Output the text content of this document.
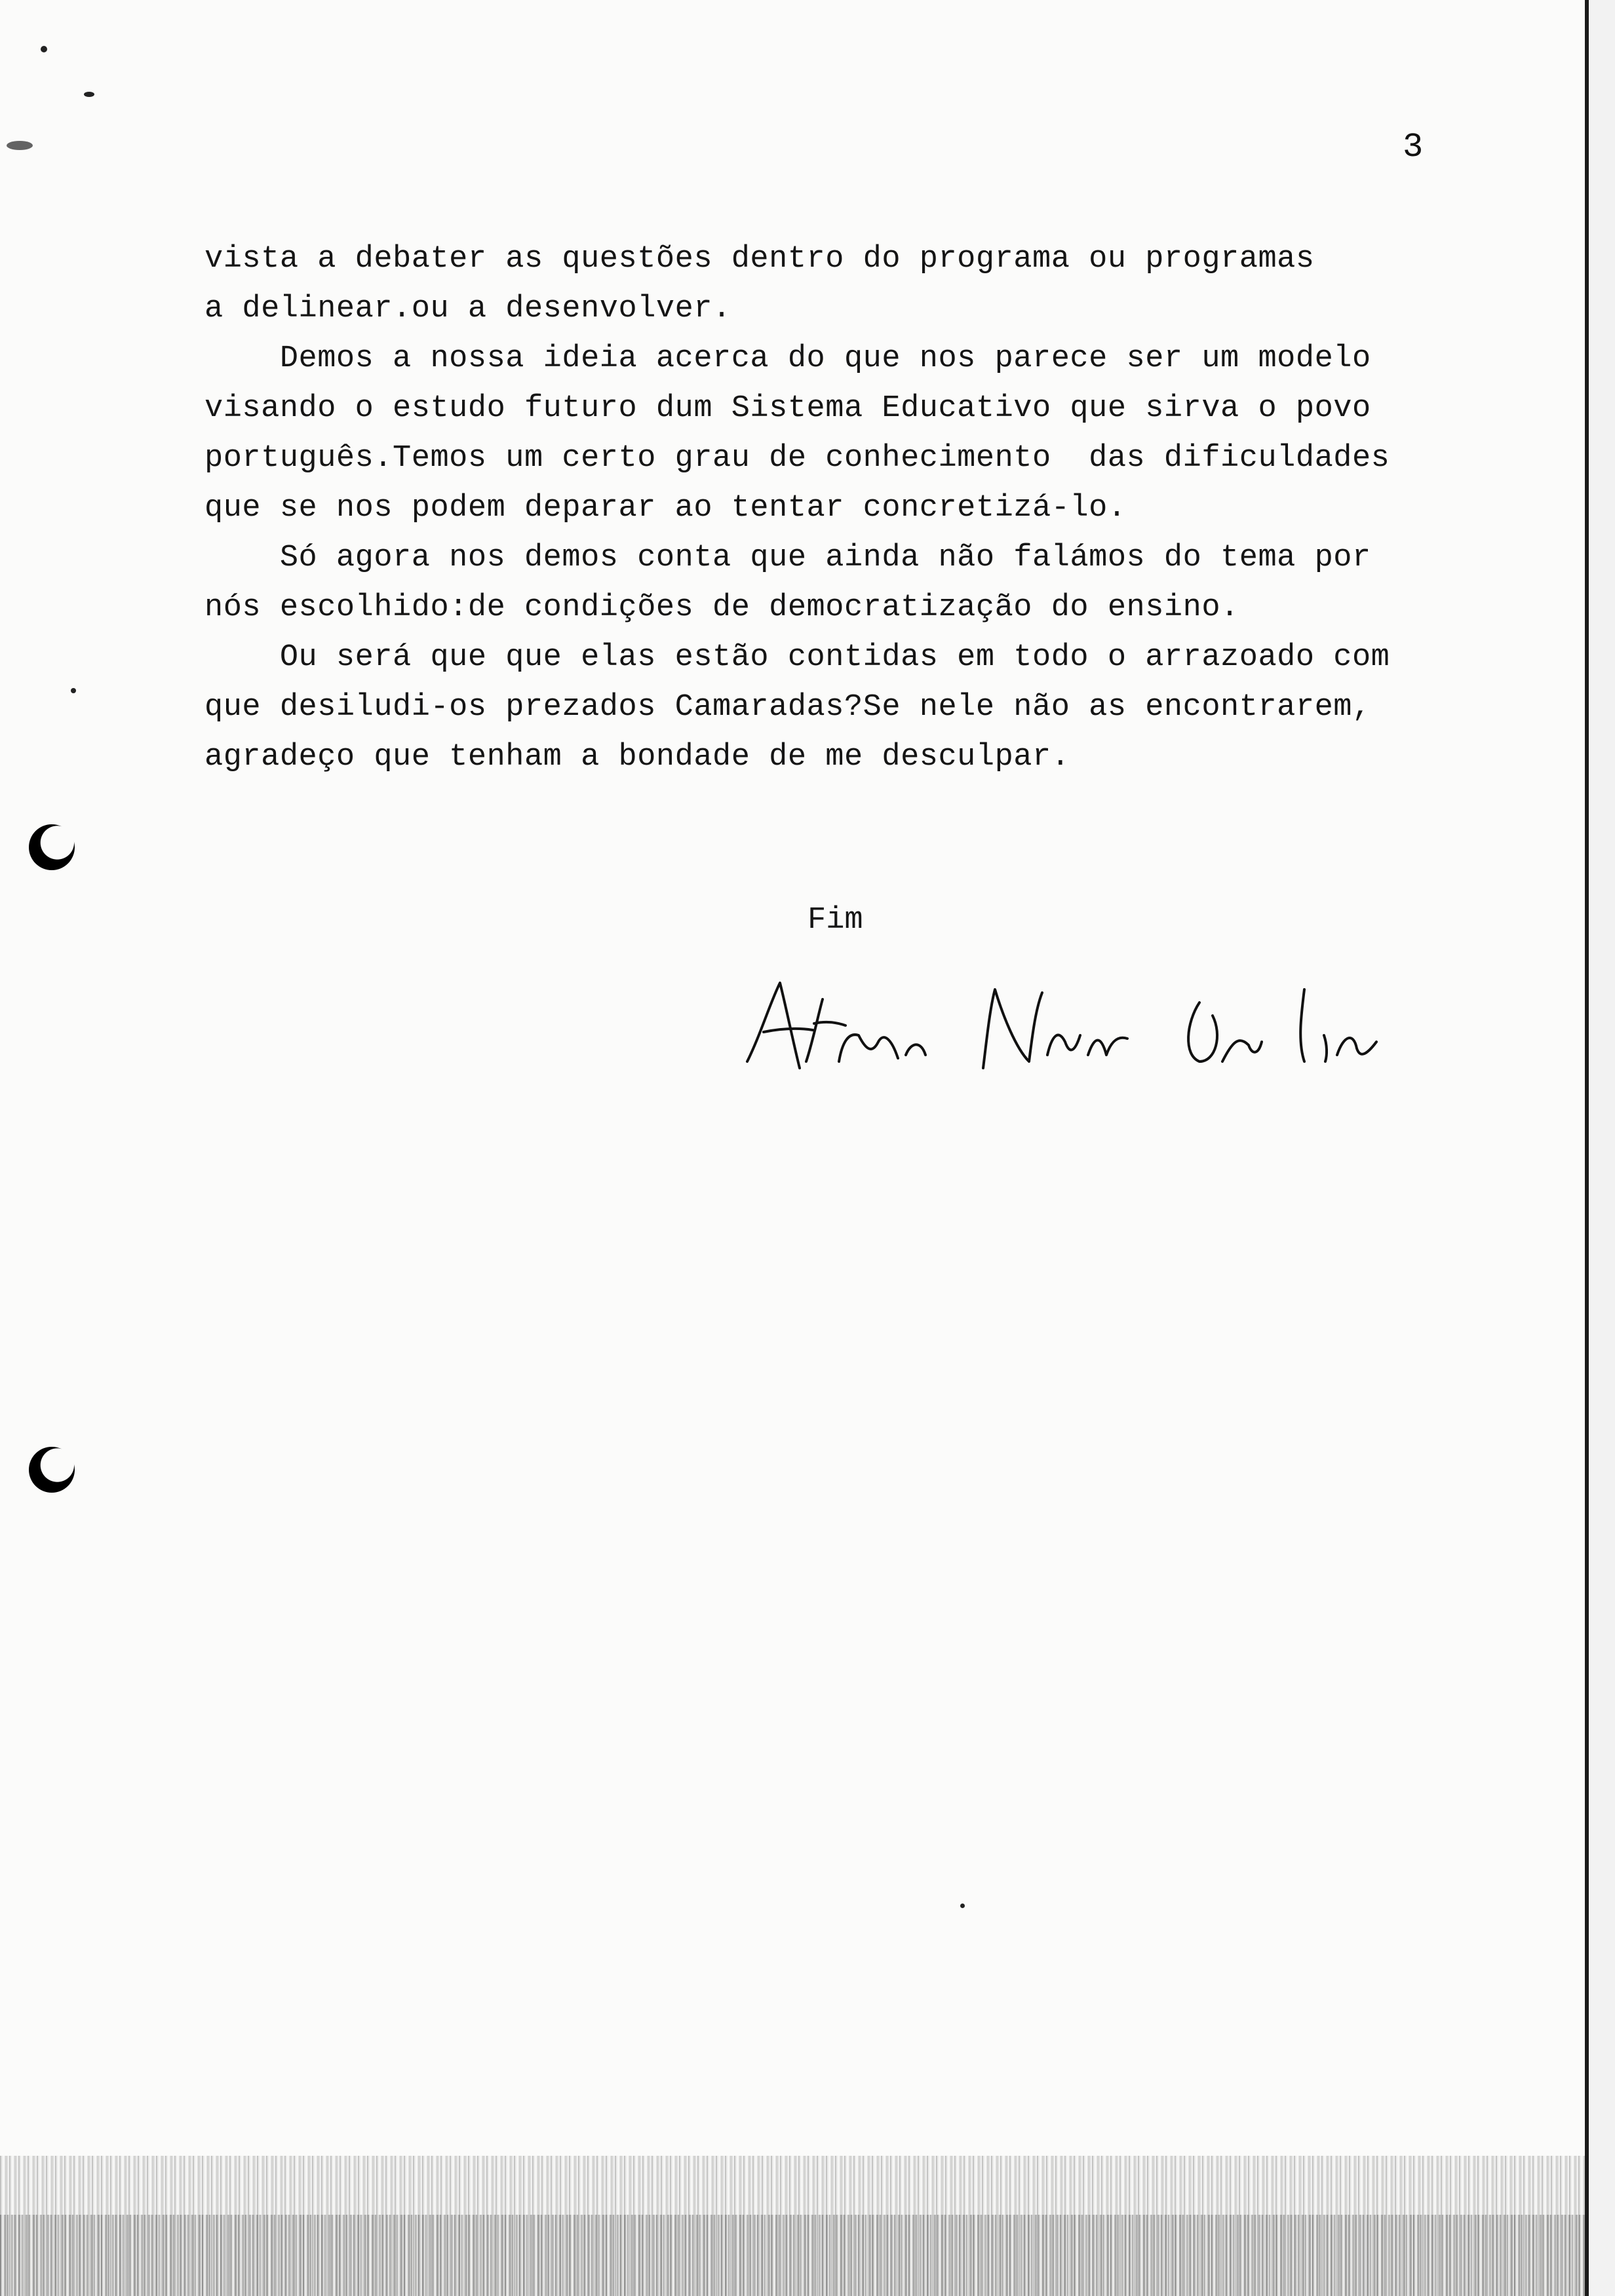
3
vista a debater as questões dentro do programa ou programas
a delinear.ou a desenvolver.
Demos a nossa ideia acerca do que nos parece ser um modelo
visando o estudo futuro dum Sistema Educativo que sirva o povo
português.Temos um certo grau de conhecimento  das dificuldades
que se nos podem deparar ao tentar concretizá-lo.
Só agora nos demos conta que ainda não falámos do tema por
nós escolhido:de condições de democratização do ensino.
Ou será que que elas estão contidas em todo o arrazoado com
que desiludi-os prezados Camaradas?Se nele não as encontrarem,
agradeço que tenham a bondade de me desculpar.
Fim
